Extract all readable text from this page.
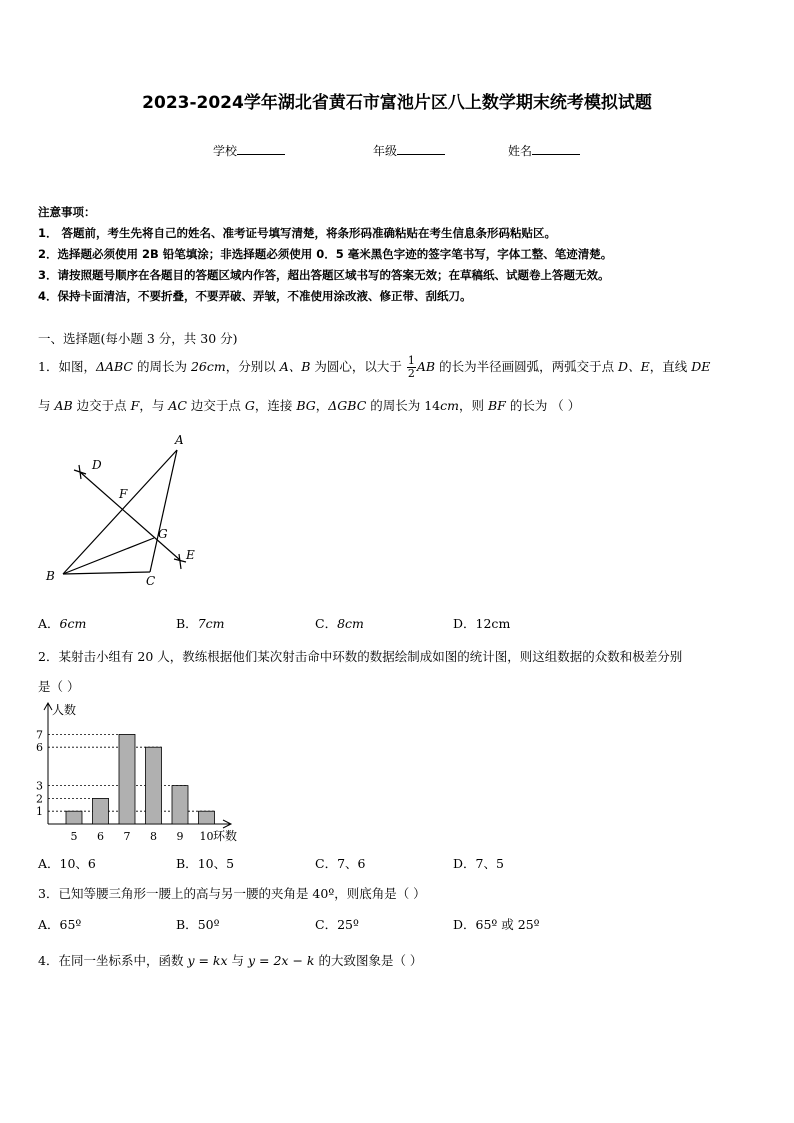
2023-2024学年湖北省黄石市富池片区八上数学期末统考模拟试题
学校	年级	姓名
注意事项：
1． 答题前，考生先将自己的姓名、准考证号填写清楚，将条形码准确粘贴在考生信息条形码粘贴区。
2．选择题必须使用 2B 铅笔填涂；非选择题必须使用 0．5 毫米黑色字迹的签字笔书写，字体工整、笔迹清楚。
3．请按照题号顺序在各题目的答题区域内作答，超出答题区域书写的答案无效；在草稿纸、试题卷上答题无效。
4．保持卡面清洁，不要折叠，不要弄破、弄皱，不准使用涂改液、修正带、刮纸刀。
一、选择题(每小题 3 分，共 30 分)
1．如图，ΔABC 的周长为 26cm，分别以 A、B 为圆心，以大于 $\frac{1}{2}$ AB 的长为半径画圆弧，两弧交于点 D、E，直线 DE
与 AB 边交于点 F，与 AC 边交于点 G，连接 BG，ΔGBC 的周长为 14cm，则 BF 的长为 （ ）
A
B	C
D
E
F
G
A．6cm	B．7cm	C．8cm	D．12cm
2．某射击小组有 20 人，教练根据他们某次射击命中环数的数据绘制成如图的统计图，则这组数据的众数和极差分别
是（ ）
人数
环数
1
2
3
6
7
5 6 7 8 9 10
A．10、6	B．10、5	C．7、6	D．7、5
3．已知等腰三角形一腰上的高与另一腰的夹角是 40º，则底角是（ ）
A．65º	B．50º	C．25º	D．65º 或 25º
4．在同一坐标系中，函数 y = kx 与 y = 2x − k 的大致图象是（ ）
